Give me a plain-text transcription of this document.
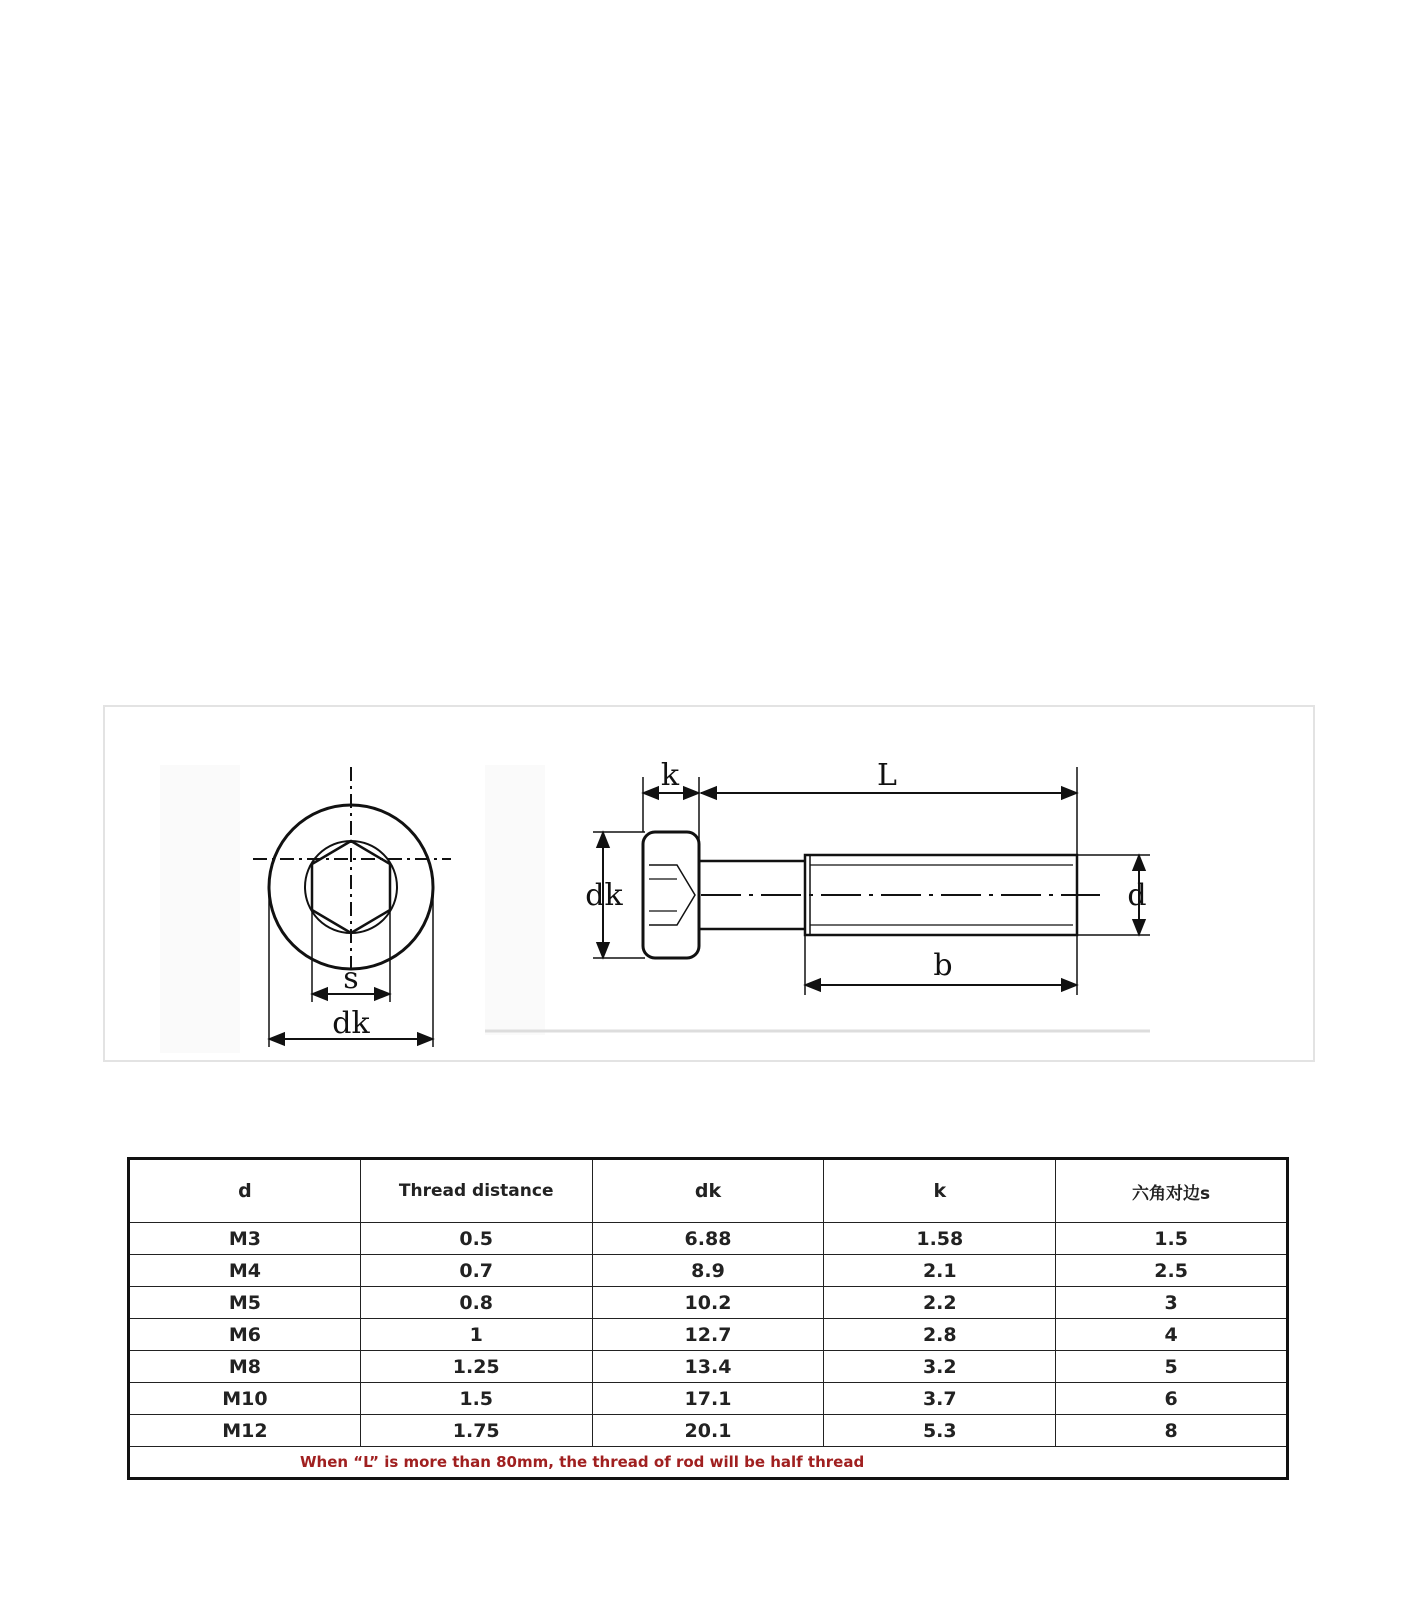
s
dk
k	L
dk	d
b
d	Thread distance	dk	k	六角对边s
M3	0.5	6.88	1.58	1.5
M4	0.7	8.9	2.1	2.5
M5	0.8	10.2	2.2	3
M6	1	12.7	2.8	4
M8	1.25	13.4	3.2	5
M10	1.5	17.1	3.7	6
M12	1.75	20.1	5.3	8
When “L” is more than 80mm, the thread of rod will be half thread				
